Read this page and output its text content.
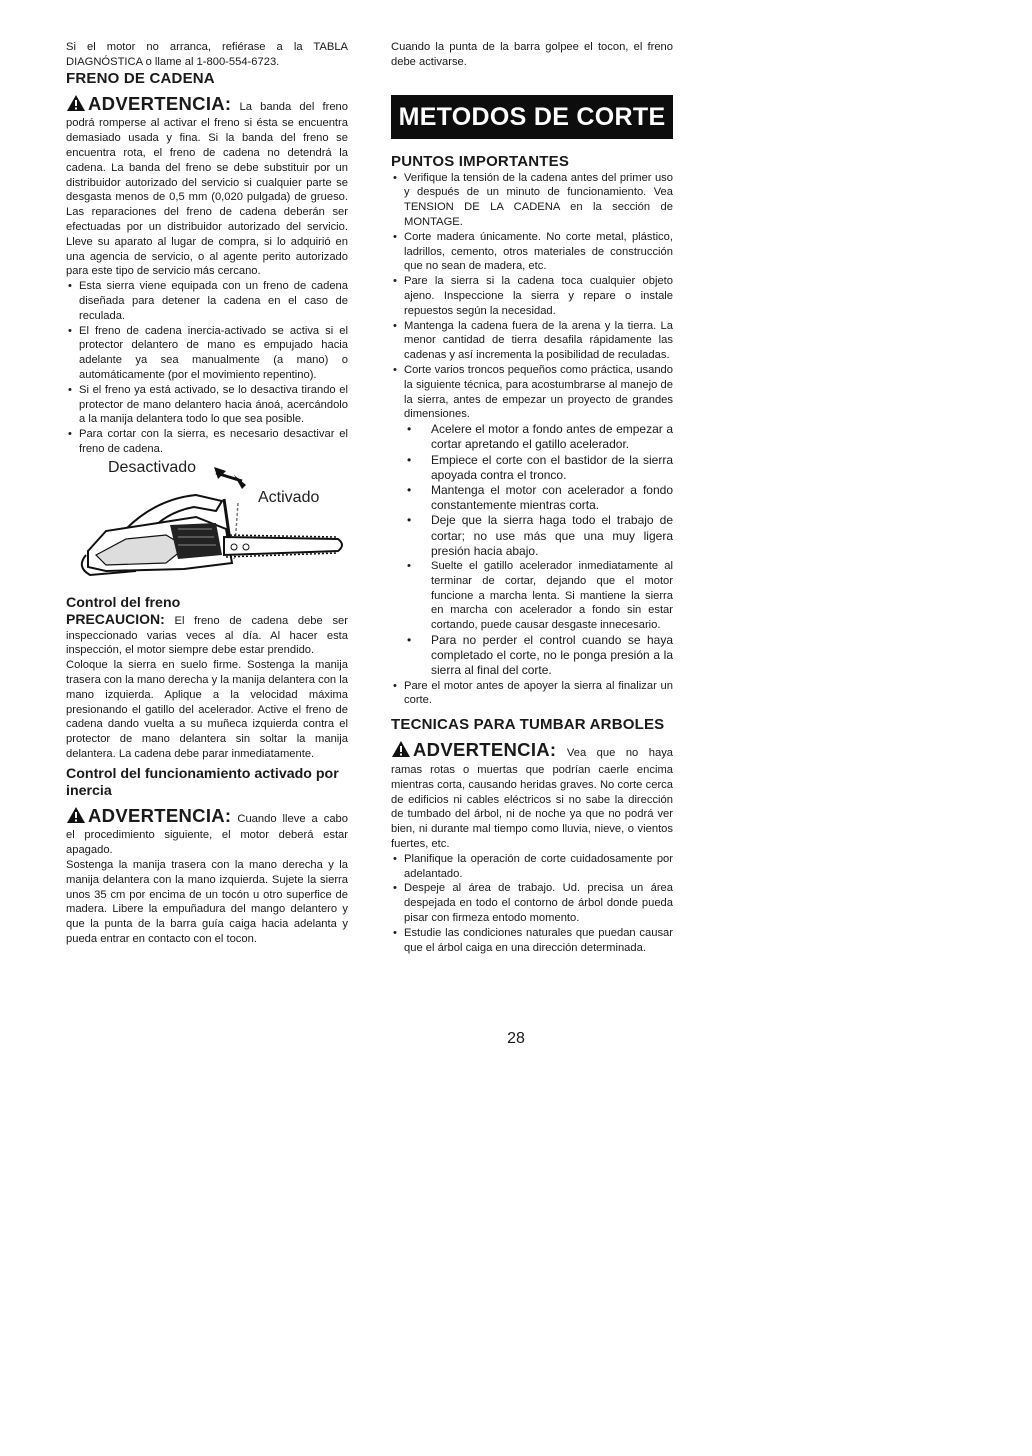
Si el motor no arranca, refiérase a la TABLA DIAGNÓSTICA o llame al 1-800-554-6723.

FRENO DE CADENA

ADVERTENCIA: La banda del freno podrá romperse al activar el freno si ésta se encuentra demasiado usada y fina. Si la banda del freno se encuentra rota, el freno de cadena no detendrá la cadena. La banda del freno se debe substituir por un distribuidor autorizado del servicio si cualquier parte se desgasta menos de 0,5 mm (0,020 pulgada) de grueso. Las reparaciones del freno de cadena deberán ser efectuadas por un distribuidor autorizado del servicio. Lleve su aparato al lugar de compra, si lo adquirió en una agencia de servicio, o al agente perito autorizado para este tipo de servicio más cercano.

• Esta sierra viene equipada con un freno de cadena diseñada para detener la cadena en el caso de reculada.
• El freno de cadena inercia-activado se activa si el protector delantero de mano es empujado hacia adelante ya sea manualmente (a mano) o automáticamente (por el movimiento repentino).
• Si el freno ya está activado, se lo desactiva tirando el protector de mano delantero hacia ánoá, acercándolo a la manija delantera todo lo que sea posible.
• Para cortar con la sierra, es necesario desactivar el freno de cadena.
Desactivado
Activado
Control del freno

PRECAUCION: El freno de cadena debe ser inspeccionado varias veces al día. Al hacer esta inspección, el motor siempre debe estar prendido.

Coloque la sierra en suelo firme. Sostenga la manija trasera con la mano derecha y la manija delantera con la mano izquierda. Aplique a la velocidad máxima presionando el gatillo del acelerador. Active el freno de cadena dando vuelta a su muñeca izquierda contra el protector de mano delantera sin soltar la manija delantera. La cadena debe parar inmediatamente.

Control del funcionamiento activado por inercia

ADVERTENCIA: Cuando lleve a cabo el procedimiento siguiente, el motor deberá estar apagado.

Sostenga la manija trasera con la mano derecha y la manija delantera con la mano izquierda. Sujete la sierra unos 35 cm por encima de un tocón u otro superfice de madera. Libere la empuñadura del mango delantero y que la punta de la barra guía caiga hacia adelanta y pueda entrar en contacto con el tocon.

Cuando la punta de la barra golpee el tocon, el freno debe activarse.

METODOS DE CORTE
PUNTOS IMPORTANTES
• Verifique la tensión de la cadena antes del primer uso y después de un minuto de funcionamiento. Vea TENSION DE LA CADENA en la sección de MONTAGE.
• Corte madera únicamente. No corte metal, plástico, ladrillos, cemento, otros materiales de construcción que no sean de madera, etc.
• Pare la sierra si la cadena toca cualquier objeto ajeno. Inspeccione la sierra y repare o instale repuestos según la necesidad.
• Mantenga la cadena fuera de la arena y la tierra. La menor cantidad de tierra desafila rápidamente las cadenas y así incrementa la posibilidad de reculadas.
• Corte varios troncos pequeños como práctica, usando la siguiente técnica, para acostumbrarse al manejo de la sierra, antes de empezar un proyecto de grandes dimensiones.
• Acelere el motor a fondo antes de empezar a cortar apretando el gatillo acelerador.
• Empiece el corte con el bastidor de la sierra apoyada contra el tronco.
• Mantenga el motor con acelerador a fondo constantemente mientras corta.
• Deje que la sierra haga todo el trabajo de cortar; no use más que una muy ligera presión hacia abajo.
• Suelte el gatillo acelerador inmediatamente al terminar de cortar, dejando que el motor funcione a marcha lenta. Si mantiene la sierra en marcha con acelerador a fondo sin estar cortando, puede causar desgaste innecesario.
• Para no perder el control cuando se haya completado el corte, no le ponga presión a la sierra al final del corte.
• Pare el motor antes de apoyer la sierra al finalizar un corte.
TECNICAS PARA TUMBAR ARBOLES

ADVERTENCIA: Vea que no haya ramas rotas o muertas que podrían caerle encima mientras corta, causando heridas graves. No corte cerca de edificios ni cables eléctricos si no sabe la dirección de tumbado del árbol, ni de noche ya que no podrá ver bien, ni durante mal tiempo como lluvia, nieve, o vientos fuertes, etc.

• Planifique la operación de corte cuidadosamente por adelantado.
• Despeje al área de trabajo. Ud. precisa un área despejada en todo el contorno de árbol donde pueda pisar con firmeza entodo momento.
• Estudie las condiciones naturales que puedan causar que el árbol caiga en una dirección determinada.
28
